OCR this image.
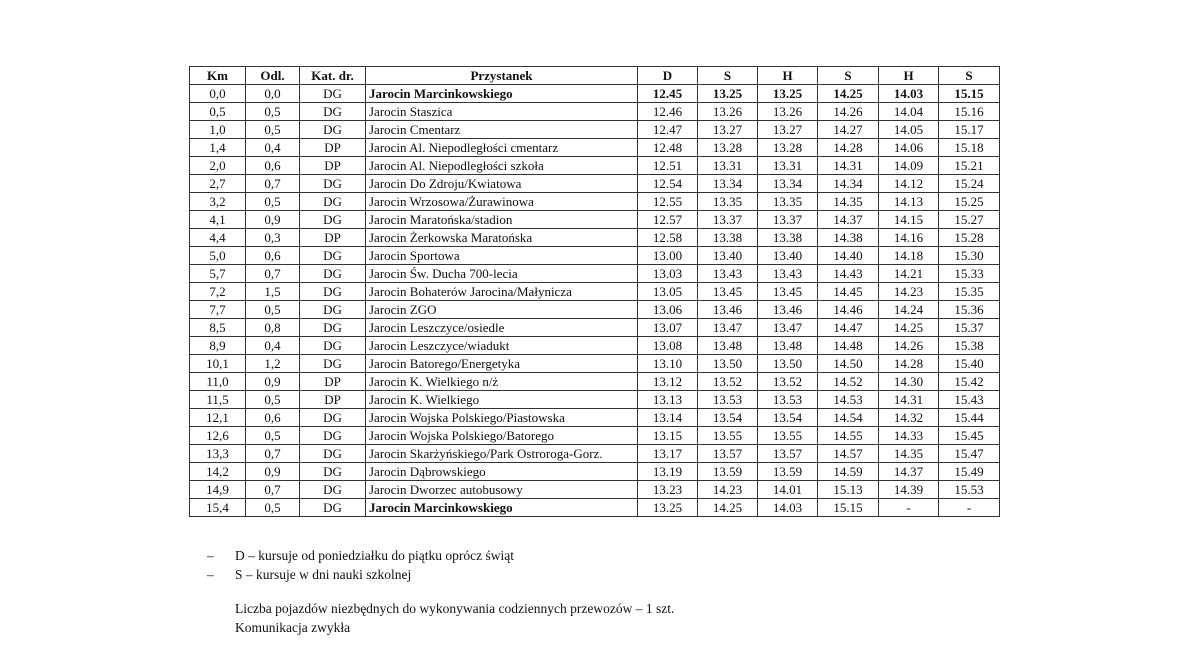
Km	Odl.	Kat. dr.	Przystanek	D	S	H	S	H	S
0,0	0,0	DG	Jarocin Marcinkowskiego	12.45	13.25	13.25	14.25	14.03	15.15
0,5	0,5	DG	Jarocin Staszica	12.46	13.26	13.26	14.26	14.04	15.16
1,0	0,5	DG	Jarocin Cmentarz	12.47	13.27	13.27	14.27	14.05	15.17
1,4	0,4	DP	Jarocin Al. Niepodległości cmentarz	12.48	13.28	13.28	14.28	14.06	15.18
2,0	0,6	DP	Jarocin Al. Niepodległości szkoła	12.51	13.31	13.31	14.31	14.09	15.21
2,7	0,7	DG	Jarocin Do Zdroju/Kwiatowa	12.54	13.34	13.34	14.34	14.12	15.24
3,2	0,5	DG	Jarocin Wrzosowa/Żurawinowa	12.55	13.35	13.35	14.35	14.13	15.25
4,1	0,9	DG	Jarocin Maratońska/stadion	12.57	13.37	13.37	14.37	14.15	15.27
4,4	0,3	DP	Jarocin Żerkowska Maratońska	12.58	13.38	13.38	14.38	14.16	15.28
5,0	0,6	DG	Jarocin Sportowa	13.00	13.40	13.40	14.40	14.18	15.30
5,7	0,7	DG	Jarocin Św. Ducha 700-lecia	13.03	13.43	13.43	14.43	14.21	15.33
7,2	1,5	DG	Jarocin Bohaterów Jarocina/Małynicza	13.05	13.45	13.45	14.45	14.23	15.35
7,7	0,5	DG	Jarocin ZGO	13.06	13.46	13.46	14.46	14.24	15.36
8,5	0,8	DG	Jarocin Leszczyce/osiedle	13.07	13.47	13.47	14.47	14.25	15.37
8,9	0,4	DG	Jarocin Leszczyce/wiadukt	13.08	13.48	13.48	14.48	14.26	15.38
10,1	1,2	DG	Jarocin Batorego/Energetyka	13.10	13.50	13.50	14.50	14.28	15.40
11,0	0,9	DP	Jarocin K. Wielkiego n/ż	13.12	13.52	13.52	14.52	14.30	15.42
11,5	0,5	DP	Jarocin K. Wielkiego	13.13	13.53	13.53	14.53	14.31	15.43
12,1	0,6	DG	Jarocin Wojska Polskiego/Piastowska	13.14	13.54	13.54	14.54	14.32	15.44
12,6	0,5	DG	Jarocin Wojska Polskiego/Batorego	13.15	13.55	13.55	14.55	14.33	15.45
13,3	0,7	DG	Jarocin Skarżyńskiego/Park Ostroroga-Gorz.	13.17	13.57	13.57	14.57	14.35	15.47
14,2	0,9	DG	Jarocin Dąbrowskiego	13.19	13.59	13.59	14.59	14.37	15.49
14,9	0,7	DG	Jarocin Dworzec autobusowy	13.23	14.23	14.01	15.13	14.39	15.53
15,4	0,5	DG	Jarocin Marcinkowskiego	13.25	14.25	14.03	15.15	-	-
–	D – kursuje od poniedziałku do piątku oprócz świąt
–	S – kursuje w dni nauki szkolnej
Liczba pojazdów niezbędnych do wykonywania codziennych przewozów – 1 szt.
Komunikacja zwykła
